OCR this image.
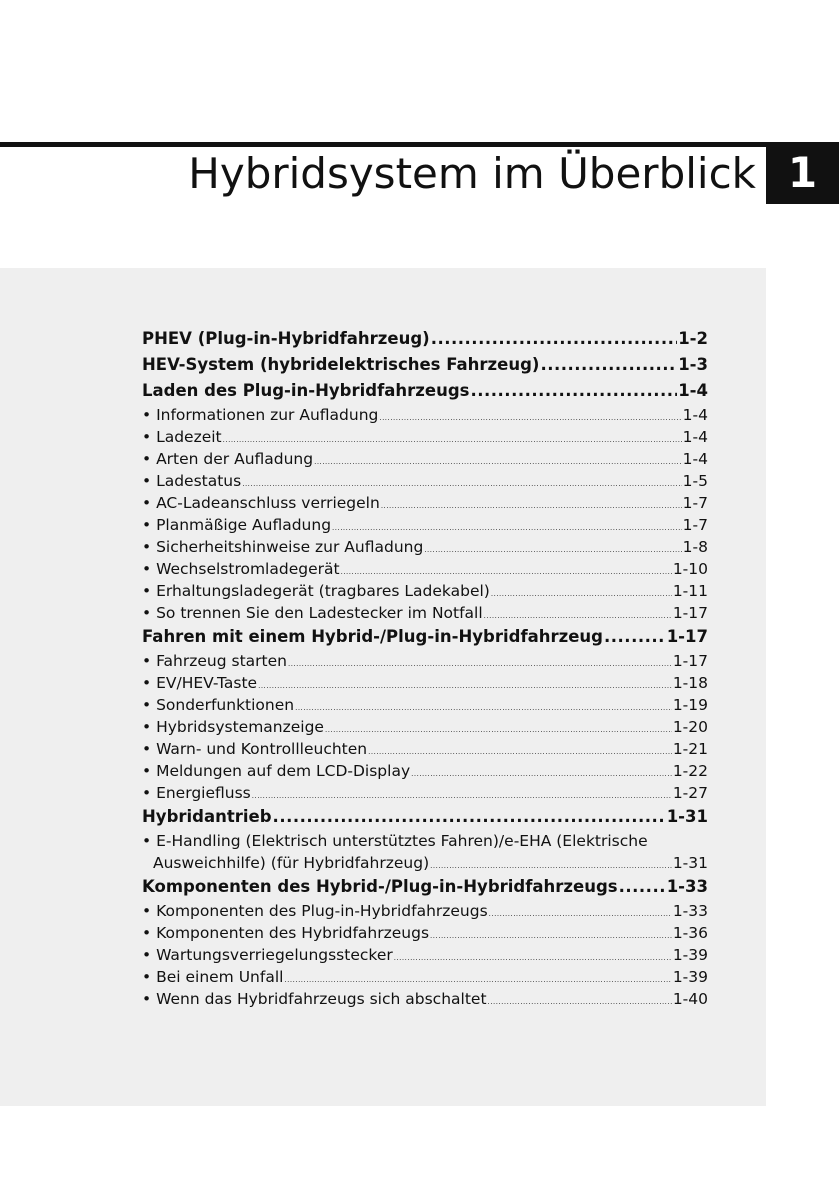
Hybridsystem im Überblick 1
PHEV (Plug-in-Hybridfahrzeug) .....	1-2
HEV-System (hybridelektrisches Fahrzeug) .....	1-3
Laden des Plug-in-Hybridfahrzeugs .....	1-4
• Informationen zur Aufladung .....	1-4
• Ladezeit .....	1-4
• Arten der Aufladung .....	1-4
• Ladestatus .....	1-5
• AC-Ladeanschluss verriegeln .....	1-7
• Planmäßige Aufladung .....	1-7
• Sicherheitshinweise zur Aufladung .....	1-8
• Wechselstromladegerät .....	1-10
• Erhaltungsladegerät (tragbares Ladekabel) .....	1-11
• So trennen Sie den Ladestecker im Notfall .....	1-17
Fahren mit einem Hybrid-/Plug-in-Hybridfahrzeug .....	1-17
• Fahrzeug starten .....	1-17
• EV/HEV-Taste .....	1-18
• Sonderfunktionen .....	1-19
• Hybridsystemanzeige .....	1-20
• Warn- und Kontrollleuchten .....	1-21
• Meldungen auf dem LCD-Display .....	1-22
• Energiefluss .....	1-27
Hybridantrieb .....	1-31
• E-Handling (Elektrisch unterstütztes Fahren)/e-EHA (Elektrische
Ausweichhilfe) (für Hybridfahrzeug) .....	1-31
Komponenten des Hybrid-/Plug-in-Hybridfahrzeugs .....	1-33
• Komponenten des Plug-in-Hybridfahrzeugs .....	1-33
• Komponenten des Hybridfahrzeugs .....	1-36
• Wartungsverriegelungsstecker .....	1-39
• Bei einem Unfall .....	1-39
• Wenn das Hybridfahrzeugs sich abschaltet .....	1-40
